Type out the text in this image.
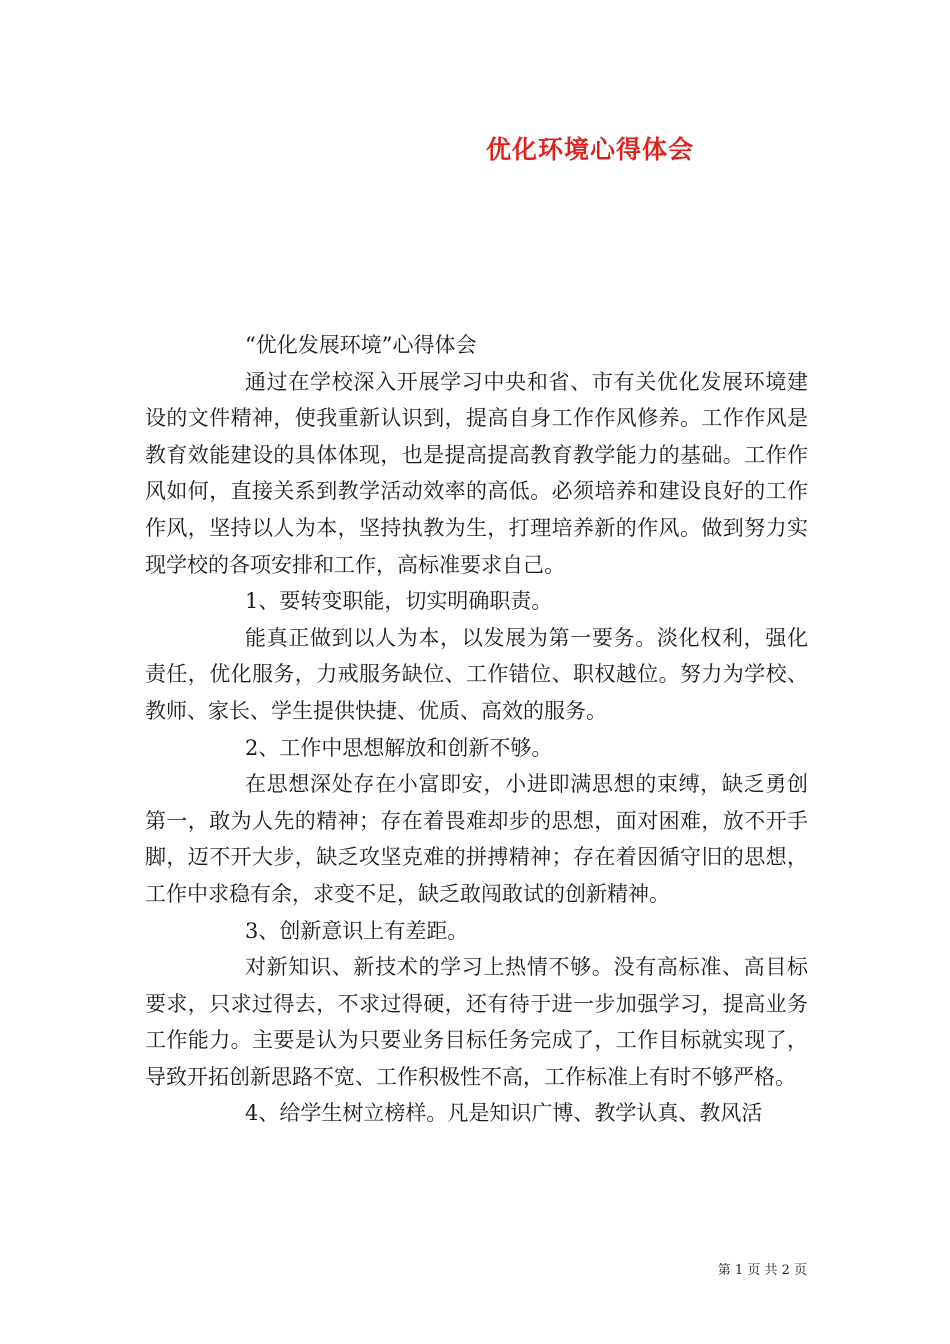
优化环境心得体会

“优化发展环境”心得体会

通过在学校深入开展学习中央和省、市有关优化发展环境建设的文件精神，使我重新认识到，提高自身工作作风修养。工作作风是教育效能建设的具体体现，也是提高提高教育教学能力的基础。工作作风如何，直接关系到教学活动效率的高低。必须培养和建设良好的工作作风，坚持以人为本，坚持执教为生，打理培养新的作风。做到努力实现学校的各项安排和工作，高标准要求自己。

1、要转变职能，切实明确职责。

能真正做到以人为本，以发展为第一要务。淡化权利，强化责任，优化服务，力戒服务缺位、工作错位、职权越位。努力为学校、教师、家长、学生提供快捷、优质、高效的服务。

2、工作中思想解放和创新不够。

在思想深处存在小富即安，小进即满思想的束缚，缺乏勇创第一，敢为人先的精神；存在着畏难却步的思想，面对困难，放不开手脚，迈不开大步，缺乏攻坚克难的拼搏精神；存在着因循守旧的思想，工作中求稳有余，求变不足，缺乏敢闯敢试的创新精神。

3、创新意识上有差距。

对新知识、新技术的学习上热情不够。没有高标准、高目标要求，只求过得去，不求过得硬，还有待于进一步加强学习，提高业务工作能力。主要是认为只要业务目标任务完成了，工作目标就实现了，导致开拓创新思路不宽、工作积极性不高，工作标准上有时不够严格。

4、给学生树立榜样。凡是知识广博、教学认真、教风活

第 1 页 共 2 页
